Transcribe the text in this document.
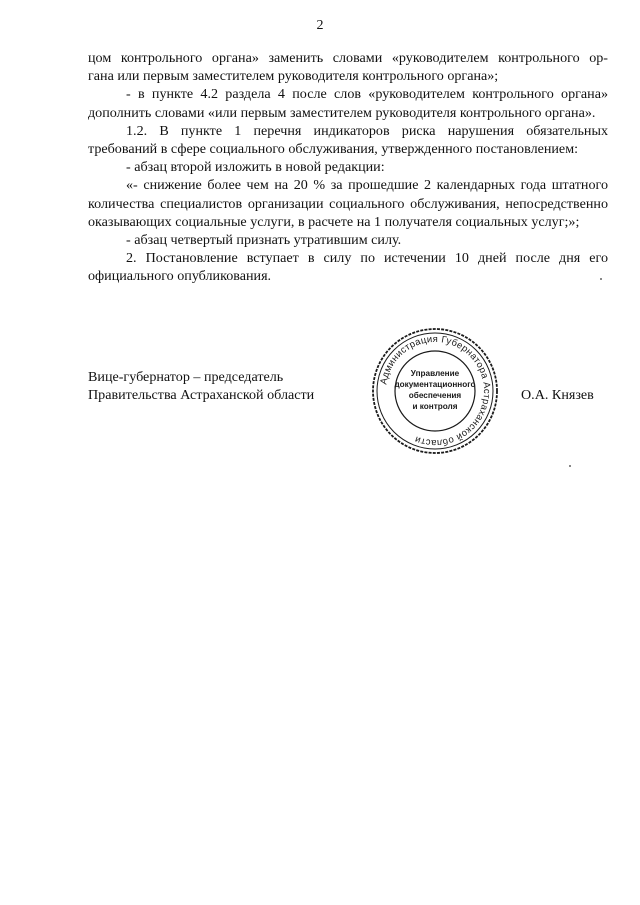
2

цом контрольного органа» заменить словами «руководителем контрольного ор-

гана или первым заместителем руководителя контрольного органа»;

- в пункте 4.2 раздела 4 после слов «руководителем контрольного органа» дополнить словами «или первым заместителем руководителя контрольного органа».

1.2. В пункте 1 перечня индикаторов риска нарушения обязательных требований в сфере социального обслуживания, утвержденного постановлением:

- абзац второй изложить в новой редакции:

«- снижение более чем на 20 % за прошедшие 2 календарных года штатного количества специалистов организации социального обслуживания, непосредственно оказывающих социальные услуги, в расчете на 1 получателя социальных услуг;»;

- абзац четвертый признать утратившим силу.

2. Постановление вступает в силу по истечении 10 дней после дня его официального опубликования.

Вице-губернатор – председатель
Правительства Астраханской области
Администрация Губернатора Астраханской области
Управление
документационного
обеспечения
и контроля
О.А. Князев
